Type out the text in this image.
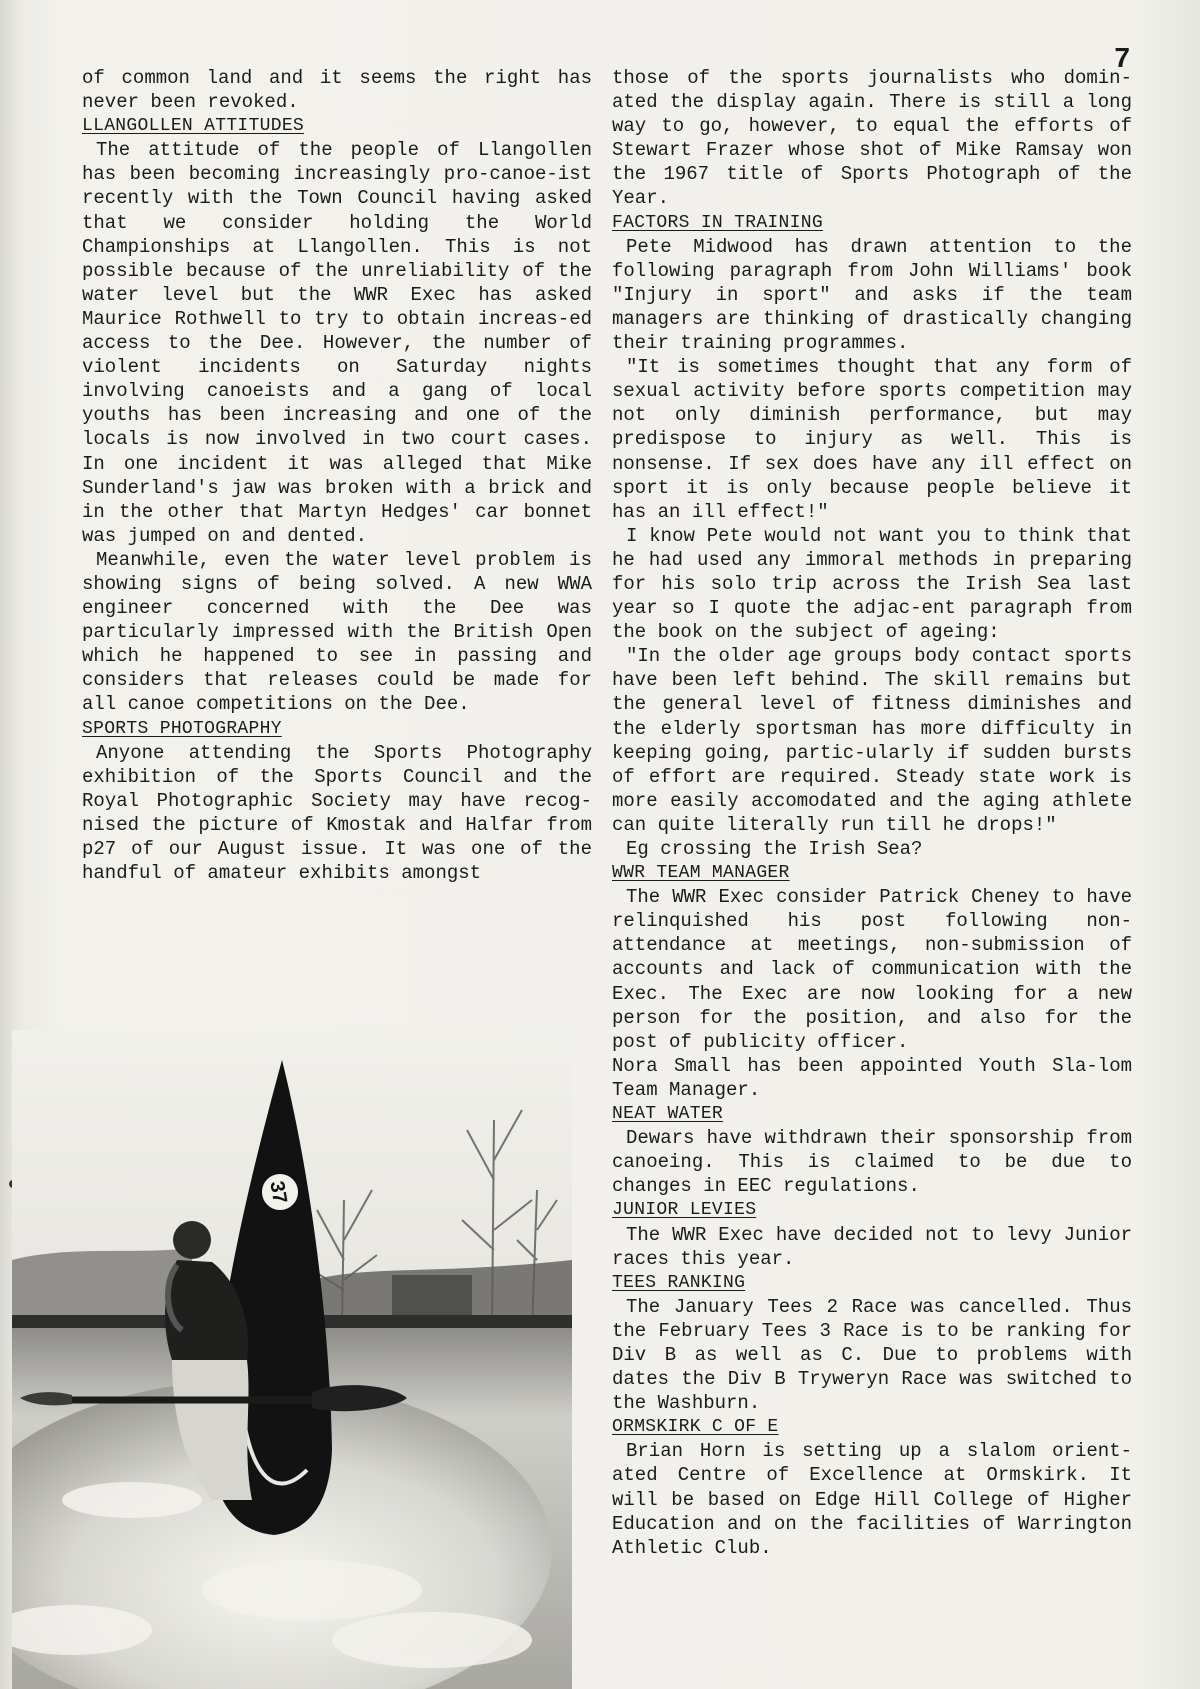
7

of common land and it seems the right has never been revoked.

LLANGOLLEN ATTITUDES

The attitude of the people of Llangollen has been becoming increasingly pro-canoe-ist recently with the Town Council having asked that we consider holding the World Championships at Llangollen. This is not possible because of the unreliability of the water level but the WWR Exec has asked Maurice Rothwell to try to obtain increas-ed access to the Dee. However, the number of violent incidents on Saturday nights involving canoeists and a gang of local youths has been increasing and one of the locals is now involved in two court cases. In one incident it was alleged that Mike Sunderland's jaw was broken with a brick and in the other that Martyn Hedges' car bonnet was jumped on and dented.

Meanwhile, even the water level problem is showing signs of being solved. A new WWA engineer concerned with the Dee was particularly impressed with the British Open which he happened to see in passing and considers that releases could be made for all canoe competitions on the Dee.

SPORTS PHOTOGRAPHY

Anyone attending the Sports Photography exhibition of the Sports Council and the Royal Photographic Society may have recog-nised the picture of Kmostak and Halfar from p27 of our August issue. It was one of the handful of amateur exhibits amongst

those of the sports journalists who domin-ated the display again. There is still a long way to go, however, to equal the efforts of Stewart Frazer whose shot of Mike Ramsay won the 1967 title of Sports Photograph of the Year.

FACTORS IN TRAINING

Pete Midwood has drawn attention to the following paragraph from John Williams' book "Injury in sport" and asks if the team managers are thinking of drastically changing their training programmes.

"It is sometimes thought that any form of sexual activity before sports competition may not only diminish performance, but may predispose to injury as well. This is nonsense. If sex does have any ill effect on sport it is only because people believe it has an ill effect!"

I know Pete would not want you to think that he had used any immoral methods in preparing for his solo trip across the Irish Sea last year so I quote the adjac-ent paragraph from the book on the subject of ageing:

"In the older age groups body contact sports have been left behind. The skill remains but the general level of fitness diminishes and the elderly sportsman has more difficulty in keeping going, partic-ularly if sudden bursts of effort are required. Steady state work is more easily accomodated and the aging athlete can quite literally run till he drops!"

Eg crossing the Irish Sea?

WWR TEAM MANAGER

The WWR Exec consider Patrick Cheney to have relinquished his post following non-attendance at meetings, non-submission of accounts and lack of communication with the Exec. The Exec are now looking for a new person for the position, and also for the post of publicity officer.

Nora Small has been appointed Youth Sla-lom Team Manager.

NEAT WATER

Dewars have withdrawn their sponsorship from canoeing. This is claimed to be due to changes in EEC regulations.

JUNIOR LEVIES

The WWR Exec have decided not to levy Junior races this year.

TEES RANKING

The January Tees 2 Race was cancelled. Thus the February Tees 3 Race is to be ranking for Div B as well as C. Due to problems with dates the Div B Tryweryn Race was switched to the Washburn.

ORMSKIRK C OF E

Brian Horn is setting up a slalom orient-ated Centre of Excellence at Ormskirk. It will be based on Edge Hill College of Higher Education and on the facilities of Warrington Athletic Club.

37
